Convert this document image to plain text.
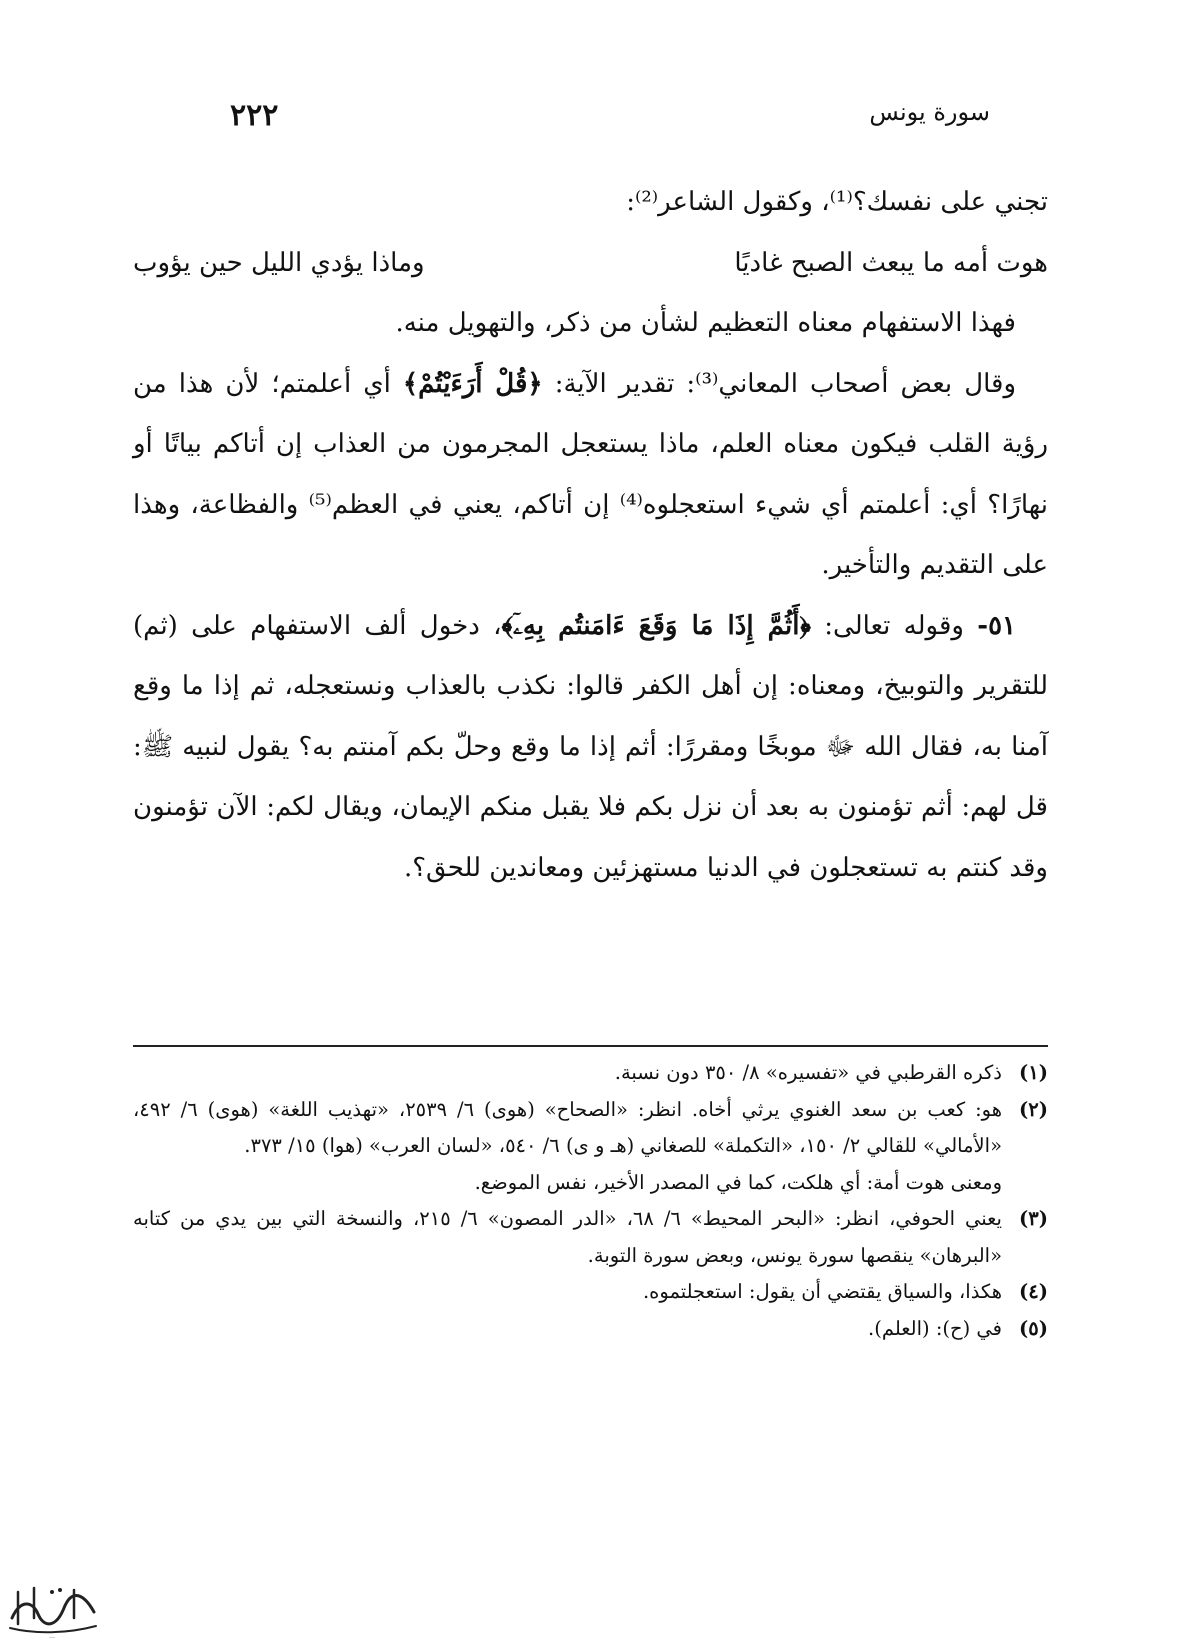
٢٢٢	سورة يونس

تجني على نفسك؟⁽¹⁾، وكقول الشاعر⁽²⁾:

هوت أمه ما يبعث الصبح غاديًا
وماذا يؤدي الليل حين يؤوب

فهذا الاستفهام معناه التعظيم لشأن من ذكر، والتهويل منه.

وقال بعض أصحاب المعاني⁽³⁾: تقدير الآية: ﴿قُلْ أَرَءَيْتُمْ﴾ أي أعلمتم؛ لأن هذا من رؤية القلب فيكون معناه العلم، ماذا يستعجل المجرمون من العذاب إن أتاكم بياتًا أو نهارًا؟ أي: أعلمتم أي شيء استعجلوه⁽⁴⁾ إن أتاكم، يعني في العظم⁽⁵⁾ والفظاعة، وهذا على التقديم والتأخير.

٥١- وقوله تعالى: ﴿أَثُمَّ إِذَا مَا وَقَعَ ءَامَنتُم بِهِۦٓ﴾، دخول ألف الاستفهام على (ثم) للتقرير والتوبيخ، ومعناه: إن أهل الكفر قالوا: نكذب بالعذاب ونستعجله، ثم إذا ما وقع آمنا به، فقال الله ﷻ موبخًا ومقررًا: أثم إذا ما وقع وحلّ بكم آمنتم به؟ يقول لنبيه ﷺ: قل لهم: أثم تؤمنون به بعد أن نزل بكم فلا يقبل منكم الإيمان، ويقال لكم: الآن تؤمنون وقد كنتم به تستعجلون في الدنيا مستهزئين ومعاندين للحق؟.

(١)
ذكره القرطبي في «تفسيره» ٨/ ٣٥٠ دون نسبة.
(٢)
هو: كعب بن سعد الغنوي يرثي أخاه. انظر: «الصحاح» (هوى) ٦/ ٢٥٣٩، «تهذيب اللغة» (هوى) ٦/ ٤٩٢، «الأمالي» للقالي ٢/ ١٥٠، «التكملة» للصغاني (هـ و ى) ٦/ ٥٤٠، «لسان العرب» (هوا) ١٥/ ٣٧٣.
ومعنى هوت أمة: أي هلكت، كما في المصدر الأخير، نفس الموضع.
(٣)
يعني الحوفي، انظر: «البحر المحيط» ٦/ ٦٨، «الدر المصون» ٦/ ٢١٥، والنسخة التي بين يدي من كتابه «البرهان» ينقصها سورة يونس، وبعض سورة التوبة.
(٤)
هكذا، والسياق يقتضي أن يقول: استعجلتموه.
(٥)
في (ح): (العلم).
…
